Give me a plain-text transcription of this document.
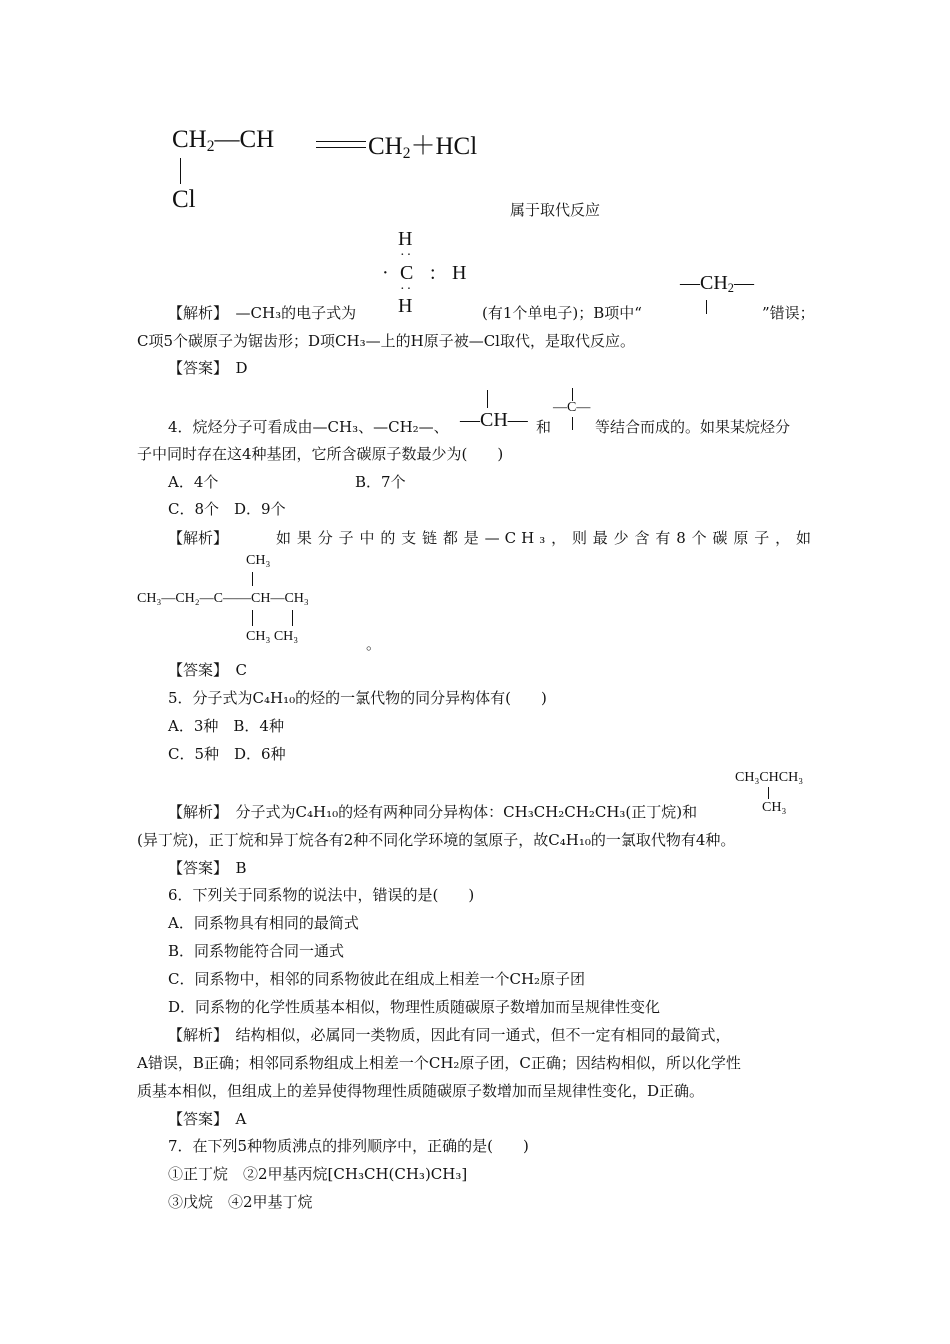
$CH_2—CH$	$CH_2+HCl$
Cl	属于取代反应
H
··
· C : H
··
H
$—CH_2—$
【解析】　 —CH₃的电子式为	(有1个单电子)；B项中“	”错误；
C项5个碳原子为锯齿形；D项CH₃—上的H原子被—Cl取代，是取代反应。
【答案】　 D
4．烷烃分子可看成由—CH₃、—CH₂—、 —CH— 和
—C—
等结合而成的。如果某烷烃分
子中同时存在这4种基团，它所含碳原子数最少为(　　)
A．4个	B．7个
C．8个　D．9个
【解析】	如果分子中的支链都是—CH₃，则最少含有8个碳原子，如
CH₃
CH₃—CH₂—C——CH—CH₃
CH₃ CH₃	。
【答案】　 C
5．分子式为C₄H₁₀的烃的一氯代物的同分异构体有(　　)
A．3种　B．4种
C．5种　D．6种
CH₃CHCH₃
CH₃
【解析】　 分子式为C₄H₁₀的烃有两种同分异构体：CH₃CH₂CH₂CH₃(正丁烷)和
(异丁烷)，正丁烷和异丁烷各有2种不同化学环境的氢原子，故C₄H₁₀的一氯取代物有4种。
【答案】　 B
6．下列关于同系物的说法中，错误的是(　　)
A．同系物具有相同的最简式
B．同系物能符合同一通式
C．同系物中，相邻的同系物彼此在组成上相差一个CH₂原子团
D．同系物的化学性质基本相似，物理性质随碳原子数增加而呈规律性变化
【解析】　 结构相似，必属同一类物质，因此有同一通式，但不一定有相同的最简式，
A错误，B正确；相邻同系物组成上相差一个CH₂原子团，C正确；因结构相似，所以化学性
质基本相似，但组成上的差异使得物理性质随碳原子数增加而呈规律性变化，D正确。
【答案】　 A
7．在下列5种物质沸点的排列顺序中，正确的是(　　)
①正丁烷　②2甲基丙烷[CH₃CH(CH₃)CH₃]
③戊烷　④2甲基丁烷
